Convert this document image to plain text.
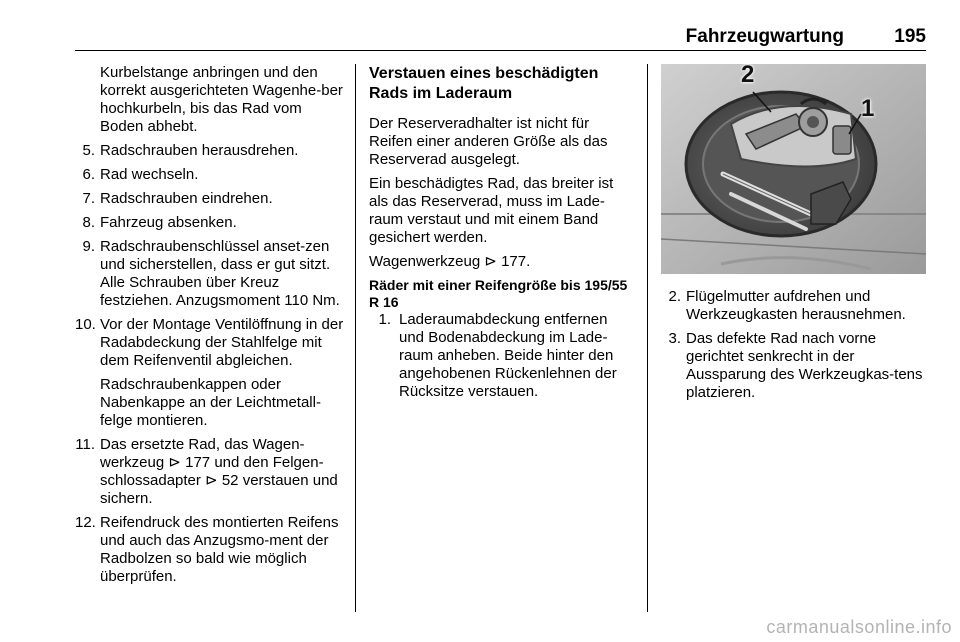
Fahrzeugwartung	195
Kurbelstange anbringen und den korrekt ausgerichteten Wagenhe-ber hochkurbeln, bis das Rad vom Boden abhebt.
5. Radschrauben herausdrehen.
6. Rad wechseln.
7. Radschrauben eindrehen.
8. Fahrzeug absenken.
9. Radschraubenschlüssel anset-zen und sicherstellen, dass er gut sitzt. Alle Schrauben über Kreuz festziehen. Anzugsmoment 110 Nm.
10. Vor der Montage Ventilöffnung in der Radabdeckung der Stahlfelge mit dem Reifenventil abgleichen.
Radschraubenkappen oder Nabenkappe an der Leichtmetall-felge montieren.
11. Das ersetzte Rad, das Wagen-werkzeug ⊳ 177 und den Felgen-schlossadapter ⊳ 52 verstauen und sichern.
12. Reifendruck des montierten Reifens und auch das Anzugsmo-ment der Radbolzen so bald wie möglich überprüfen.
Verstauen eines beschädigten Rads im Laderaum

Der Reserveradhalter ist nicht für Reifen einer anderen Größe als das Reserverad ausgelegt.

Ein beschädigtes Rad, das breiter ist als das Reserverad, muss im Lade-raum verstaut und mit einem Band gesichert werden.

Wagenwerkzeug ⊳ 177.

Räder mit einer Reifengröße bis 195/55 R 16
1. Laderaumabdeckung entfernen und Bodenabdeckung im Lade-raum anheben. Beide hinter den angehobenen Rückenlehnen der Rücksitze verstauen.
2
1
2. Flügelmutter aufdrehen und Werkzeugkasten herausnehmen.
3. Das defekte Rad nach vorne gerichtet senkrecht in der Aussparung des Werkzeugkas-tens platzieren.
carmanualsonline.info
